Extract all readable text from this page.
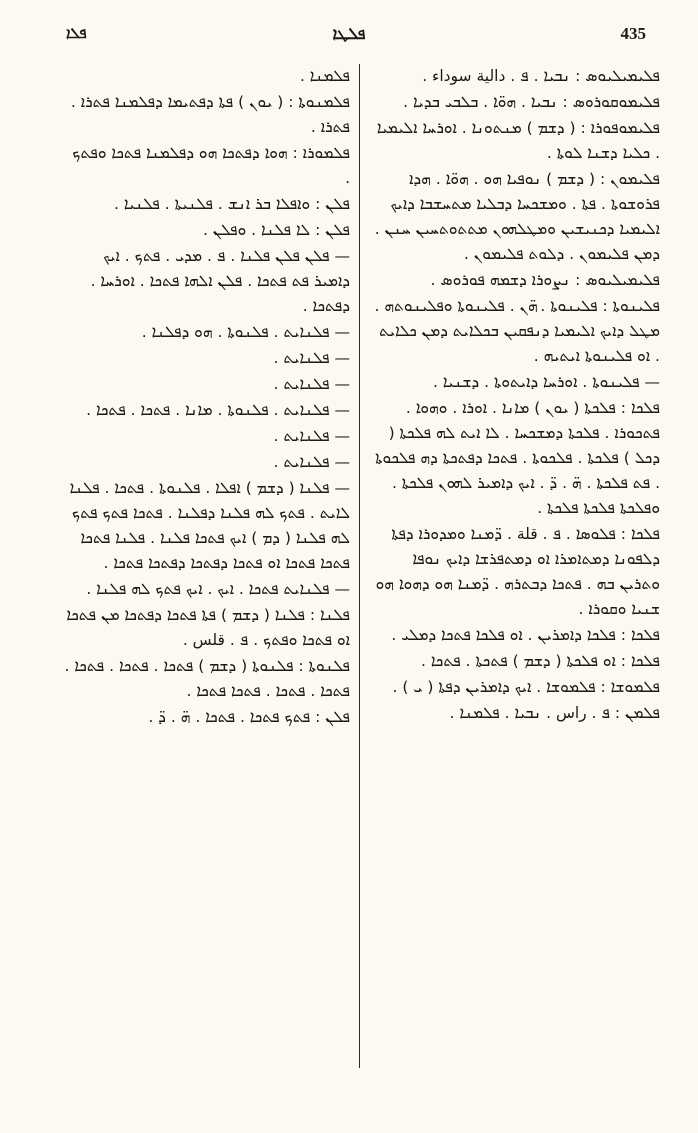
ܦܠܐ	ܦܠܛܐ	435
ܦܠܝܡܝܠܝܘܣ : ܢܒܝܐ . ܦ . دالية سوداء .
ܦܠܝܡܘܩܘܪܘܣ : ܢܒܝܐ . ܗܘ̈ܐ . ܒܠܒܝ ܒܕܝܐ .
ܦܠܝܡܘܦܘܪܐ : ( ܕܫܡ ) ܡܢܬܘܢܐ . ܐܘܪܚܐ ܐܠܝܡܝܐ . ܟܠܝܐ ܕܫܢܐ ܠܘܬܐ .
ܦܠܝܡܘܢ : ( ܕܫܡ ) ܢܘܦܝܐ ܗܘ . ܗܘ̈ܐ . ܗܕܐ ܦܪܘܫܘܬܐ . ܦܬܐ . ܘܡܫܟܚܐ ܕܒܠܝܐ ܡܬܚܫܒܐ ܕܐܝܟ ܐܠܝܡܝܐ ܕܟܢܝܫܝܢ ܘܡܛܠܗܘܢ ܡܬܬܘܬܚܝܢ ܚܢܢ . ܕܡܢ ܦܠܝܡܘܢ . ܕܠܘܬ ܦܠܝܡܘܢ .
ܦܠܝܡܝܠܝܘܣ : ܢܨܘܪܐ ܕܫܡܗ ܦܘܪܘܣ .
ܦܠܝܢܘܬܐ : ܦܠܝܢܘܬܐ . ܗ̈ܢ . ܦܠܝܢܘܬܐ ܘܦܠܝܢܘܬܗ . ܡܛܠ ܕܐܝܟ ܐܠܝܡܝܐ ܕܢܦܩܝܢ ܒܟܠܐܝܬ ܕܡܢ ܟܠܐܝܬ . ܐܘ ܦܠܝܢܘܬܐ ܐܝܬܝܗ .
— ܦܠܝܢܘܬܐ . ܐܘܪܚܐ ܕܐܝܬܘܬܐ . ܕܫܢܝܐ .
ܦܠܟܐ : ܦܠܟܬܐ ( ܝܘܢ ) ܡܐܢܐ . ܐܘܪܐ . ܘܗܘܐ . ܦܬܟܘܪܐ . ܦܠܟܬܐ ܕܡܫܟܚܐ . ܠܐ ܐܝܬ ܠܗ ܦܠܟܬܐ ( ܕܟܠ ) ܦܠܟܬܐ . ܦܠܟܘܬܐ . ܦܬܟܐ ܕܦܬܟܬܐ ܕܗ ܦܠܟܘܬܐ . ܦܬ ܦܠܟܬܐ . ܗ̈ . ܕ̈ . ܐܝܟ ܕܐܡܝܪ ܠܗܘܢ ܦܠܟܬܐ . ܘܦܠܟܬܐ ܦܠܟܬܐ ܦܠܟܬܐ .
ܦܠܟܐ : ܦܠܘܣܐ . ܦ . قلة . ܕ̈ܡܢܐ ܘܡܕܘܪܐ ܕܦܬܐ ܕܠܦܘܢܐ ܕܡܬܐܡܪܐ ܐܘ ܕܡܬܦܪܫܐ ܕܐܝܟ ܢܘܦܐ ܘܬܪܝܢ ܒܗ . ܦܬܟܐ ܕܒܬܪܗ . ܕ̈ܡܢܐ ܗܘ ܕܗܘܐ ܗܘ ܫܢܝܐ ܘܩܘܪܐ .
ܦܠܟܐ : ܦܠܟܐ ܕܐܡܪܝܢ . ܐܘ ܦܠܟܐ ܦܬܟܐ ܕܡܠܝ .
ܦܠܟܐ : ܐܘ ܦܠܟܬܐ ( ܕܫܡ ) ܦܬܟܬܐ . ܦܬܟܐ .
ܦܠܡܘܫܐ : ܦܠܡܘܫܐ . ܐܝܟ ܕܐܡܪܝܢ ܕܦܬܐ ( ܝ ) .
ܦܠܡܢ : ܦ . راس . ܢܒܝܐ . ܦܠܡܢܐ .
ܦܠܡܢܐ .
ܦܠܡܢܘܬܐ : ( ܝܘܢ ) ܦܬܐ ܕܦܬܝܡܐ ܕܦܠܡܢܐ ܦܬܪܐ . ܦܬܪܐ .
ܦܠܡܘܪܐ : ܗܘܐ ܕܦܬܟܐ ܗܘ ܕܦܠܡܢܐ ܦܬܟܐ ܘܦܬܟ .
ܦܠܢ : ܘܐܦܠܐ ܒܪ ܐܢܫ . ܦܠܢܝܬܐ . ܦܠܢܝܐ .
ܦܠܢ : ܠܐ ܦܠܢܐ . ܘܦܠܢ .
— ܦܠܢ ܦܠܢ ܦܠܢܐ . ܦ . ܡܕܝ . ܦܬܟ . ܐܝܟ ܕܐܡܝܪ ܦܬ ܦܬܟܐ . ܦܠܢ ܐܠܗܐ ܦܬܟܐ . ܐܘܪܚܐ . ܕܦܬܟܐ .
— ܦܠܢܐܝܬ . ܦܠܢܘܬܐ . ܗܘ ܕܦܠܢܐ .
— ܦܠܢܐܝܬ .
— ܦܠܢܐܝܬ .
— ܦܠܢܐܝܬ . ܦܠܢܘܬܐ . ܡܐܢܐ . ܦܬܟܐ . ܦܬܟܐ .
— ܦܠܢܐܝܬ .
— ܦܠܢܐܝܬ .
— ܦܠܢܐ ( ܕܫܡ ) ܐܦܠܐ . ܦܠܢܘܬܐ . ܦܬܟܐ . ܦܠܢܐ ܠܐܝܬ . ܦܬܟ ܠܗ ܦܠܢܐ ܕܦܠܢܐ . ܦܬܟܐ ܦܬܟ ܦܬܟ ܠܗ ܦܠܢܐ ( ܕܡ ) ܐܝܟ ܦܬܟܐ ܦܠܢܐ . ܦܠܢܐ ܦܬܟܐ ܦܬܟܐ ܦܬܟܐ ܐܘ ܦܬܟܐ ܕܦܬܟܐ ܕܦܬܟܐ ܦܬܟܐ .
— ܦܠܢܐܝܬ ܦܬܟܐ . ܐܝܟ . ܐܝܟ ܦܬܟ ܠܗ ܦܠܢܐ .
ܦܠܢܐ : ܦܠܢܐ ( ܕܫܡ ) ܦܬܐ ܦܬܟܐ ܕܦܬܟܐ ܡܢ ܦܬܟܐ ܐܘ ܦܬܟܐ ܘܦܬܟ . ܦ . قلس .
ܦܠܢܘܬܐ : ܦܠܢܘܬܐ ( ܕܫܡ ) ܦܬܟܐ . ܦܬܟܐ . ܦܬܟܐ . ܦܬܟܐ . ܦܬܟܐ . ܦܬܟܐ ܦܬܟܐ .
ܦܠܢ : ܦܬܟ ܦܬܟܐ . ܦܬܟܐ . ܗ̈ . ܕ̈ .
